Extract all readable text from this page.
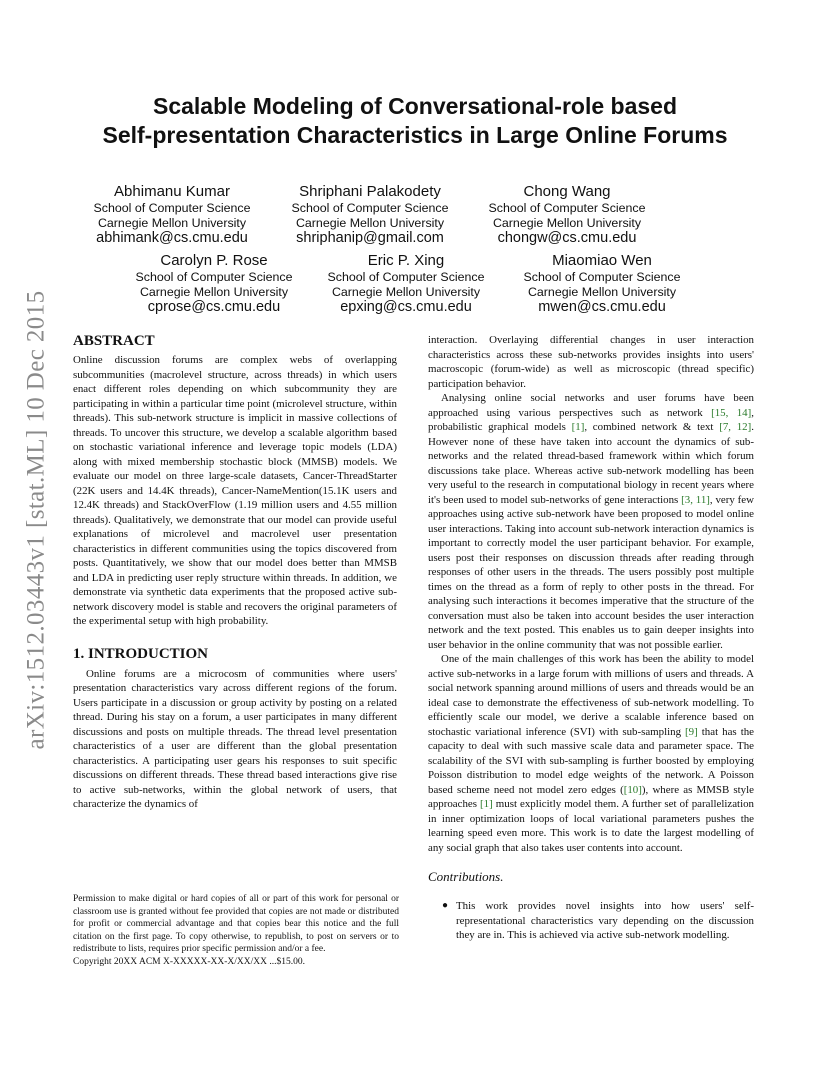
arXiv:1512.03443v1 [stat.ML] 10 Dec 2015
Scalable Modeling of Conversational-role based
Self-presentation Characteristics in Large Online Forums
Abhimanu Kumar
School of Computer Science
Carnegie Mellon University
abhimank@cs.cmu.edu
Shriphani Palakodety
School of Computer Science
Carnegie Mellon University
shriphanip@gmail.com
Chong Wang
School of Computer Science
Carnegie Mellon University
chongw@cs.cmu.edu
Carolyn P. Rose
School of Computer Science
Carnegie Mellon University
cprose@cs.cmu.edu
Eric P. Xing
School of Computer Science
Carnegie Mellon University
epxing@cs.cmu.edu
Miaomiao Wen
School of Computer Science
Carnegie Mellon University
mwen@cs.cmu.edu
ABSTRACT

Online discussion forums are complex webs of overlapping subcommunities (macrolevel structure, across threads) in which users enact different roles depending on which subcommunity they are participating in within a particular time point (microlevel structure, within threads). This sub-network structure is implicit in massive collections of threads. To uncover this structure, we develop a scalable algorithm based on stochastic variational inference and leverage topic models (LDA) along with mixed membership stochastic block (MMSB) models. We evaluate our model on three large-scale datasets, Cancer-ThreadStarter (22K users and 14.4K threads), Cancer-NameMention(15.1K users and 12.4K threads) and StackOverFlow (1.19 million users and 4.55 million threads). Qualitatively, we demonstrate that our model can provide useful explanations of microlevel and macrolevel user presentation characteristics in different communities using the topics discovered from posts. Quantitatively, we show that our model does better than MMSB and LDA in predicting user reply structure within threads. In addition, we demonstrate via synthetic data experiments that the proposed active sub-network discovery model is stable and recovers the original parameters of the experimental setup with high probability.

1. INTRODUCTION

Online forums are a microcosm of communities where users' presentation characteristics vary across different regions of the forum. Users participate in a discussion or group activity by posting on a related thread. During his stay on a forum, a user participates in many different discussions and posts on multiple threads. The thread level presentation characteristics of a user are different than the global presentation characteristics. A participating user gears his responses to suit specific discussions on different threads. These thread based interactions give rise to active sub-networks, within the global network of users, that characterize the dynamics of

Permission to make digital or hard copies of all or part of this work for personal or classroom use is granted without fee provided that copies are not made or distributed for profit or commercial advantage and that copies bear this notice and the full citation on the first page. To copy otherwise, to republish, to post on servers or to redistribute to lists, requires prior specific permission and/or a fee.

Copyright 20XX ACM X-XXXXX-XX-X/XX/XX ...$15.00.

interaction. Overlaying differential changes in user interaction characteristics across these sub-networks provides insights into users' macroscopic (forum-wide) as well as microscopic (thread specific) participation behavior.

Analysing online social networks and user forums have been approached using various perspectives such as network [15, 14], probabilistic graphical models [1], combined network & text [7, 12]. However none of these have taken into account the dynamics of sub-networks and the related thread-based framework within which forum discussions take place. Whereas active sub-network modelling has been very useful to the research in computational biology in recent years where it's been used to model sub-networks of gene interactions [3, 11], very few approaches using active sub-network have been proposed to model online user interactions. Taking into account sub-network interaction dynamics is important to correctly model the user participant behavior. For example, users post their responses on discussion threads after reading through responses of other users in the threads. The users possibly post multiple times on the thread as a form of reply to other posts in the thread. For analysing such interactions it becomes imperative that the structure of the conversation must also be taken into account besides the user interaction network and the text posted. This enables us to gain deeper insights into user behavior in the online community that was not possible earlier.

One of the main challenges of this work has been the ability to model active sub-networks in a large forum with millions of users and threads. A social network spanning around millions of users and threads would be an ideal case to demonstrate the effectiveness of sub-network modelling. To efficiently scale our model, we derive a scalable inference based on stochastic variational inference (SVI) with sub-sampling [9] that has the capacity to deal with such massive scale data and parameter space. The scalability of the SVI with sub-sampling is further boosted by employing Poisson distribution to model edge weights of the network. A Poisson based scheme need not model zero edges ([10]), where as MMSB style approaches [1] must explicitly model them. A further set of parallelization in inner optimization loops of local variational parameters pushes the learning speed even more. This work is to date the largest modelling of any social graph that also takes user contents into account.

Contributions.

● This work provides novel insights into how users' self- representational characteristics vary depending on the discussion they are in. This is achieved via active sub-network modelling.
